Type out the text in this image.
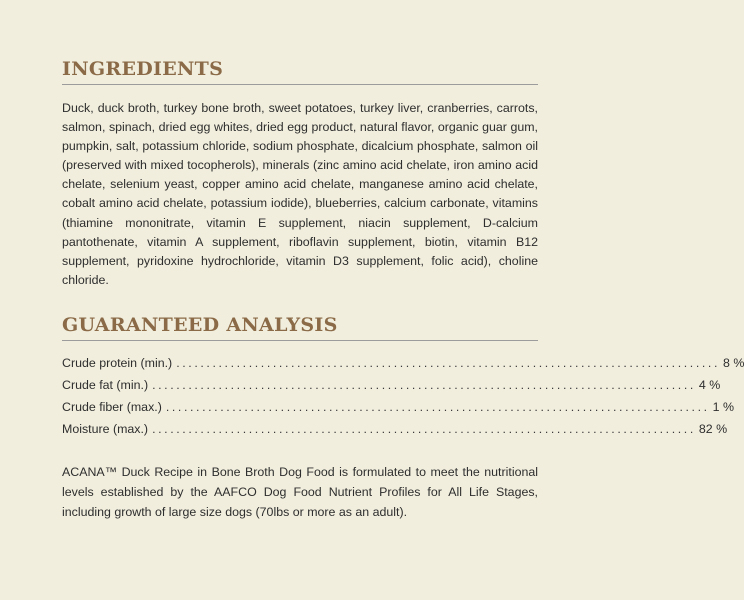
INGREDIENTS

Duck, duck broth, turkey bone broth, sweet potatoes, turkey liver, cranberries, carrots, salmon, spinach, dried egg whites, dried egg product, natural flavor, organic guar gum, pumpkin, salt, potassium chloride, sodium phosphate, dicalcium phosphate, salmon oil (preserved with mixed tocopherols), minerals (zinc amino acid chelate, iron amino acid chelate, selenium yeast, copper amino acid chelate, manganese amino acid chelate, cobalt amino acid chelate, potassium iodide), blueberries, calcium carbonate, vitamins (thiamine mononitrate, vitamin E supplement, niacin supplement, D-calcium pantothenate, vitamin A supplement, riboflavin supplement, biotin, vitamin B12 supplement, pyridoxine hydrochloride, vitamin D3 supplement, folic acid), choline chloride.

GUARANTEED ANALYSIS
Crude protein (min.) .......................................................................................... 8 %
Crude fat (min.) .......................................................................................... 4 %
Crude fiber (max.) .......................................................................................... 1 %
Moisture (max.) .......................................................................................... 82 %

ACANA™ Duck Recipe in Bone Broth Dog Food is formulated to meet the nutritional levels established by the AAFCO Dog Food Nutrient Profiles for All Life Stages, including growth of large size dogs (70lbs or more as an adult).
